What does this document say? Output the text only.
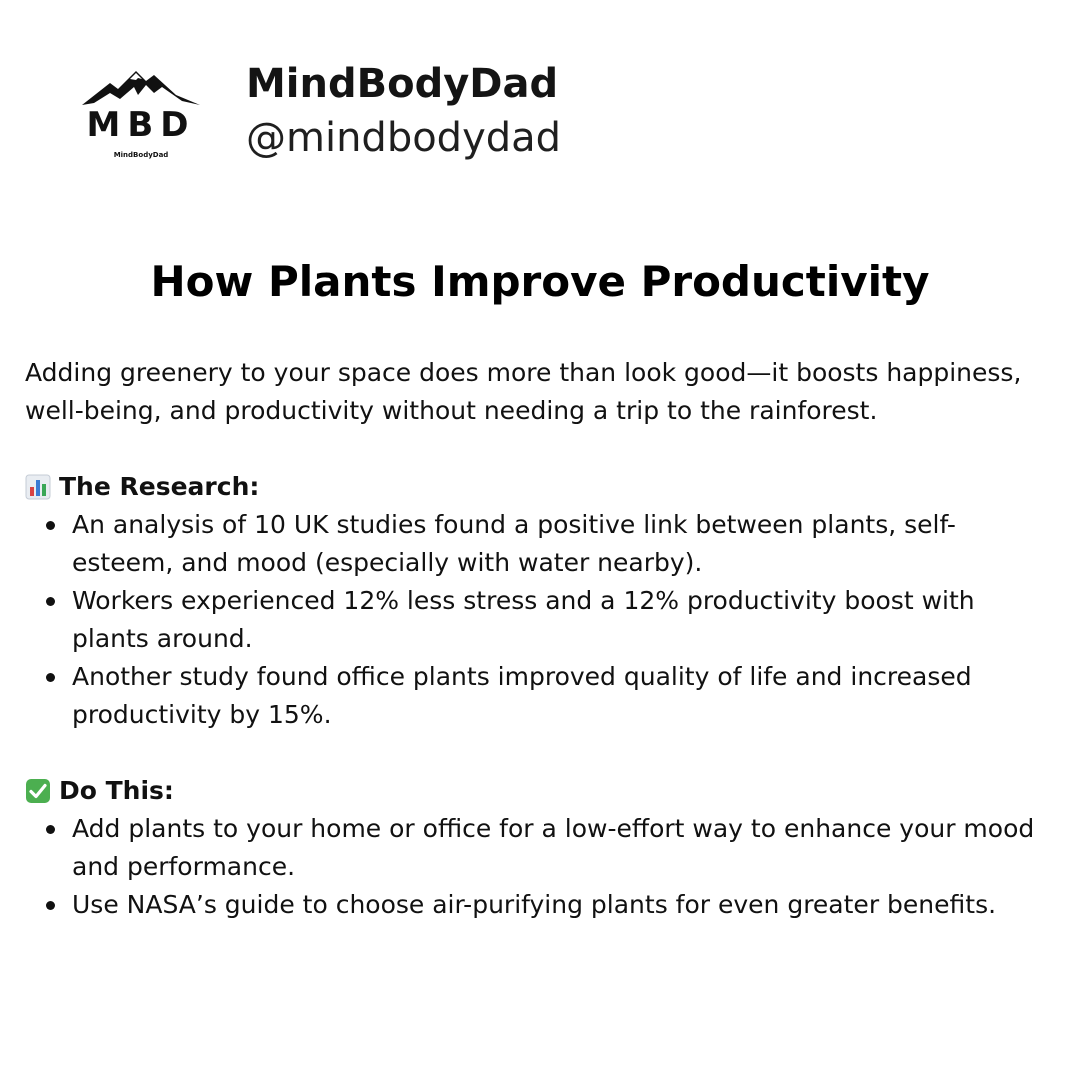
MBD
MindBodyDad
MindBodyDad
@mindbodydad
How Plants Improve Productivity

Adding greenery to your space does more than look good—it boosts happiness, well-being, and productivity without needing a trip to the rainforest.

The Research:
An analysis of 10 UK studies found a positive link between plants, self-esteem, and mood (especially with water nearby).
Workers experienced 12% less stress and a 12% productivity boost with plants around.
Another study found office plants improved quality of life and increased productivity by 15%.
Do This:
Add plants to your home or office for a low-effort way to enhance your mood and performance.
Use NASA’s guide to choose air-purifying plants for even greater benefits.
